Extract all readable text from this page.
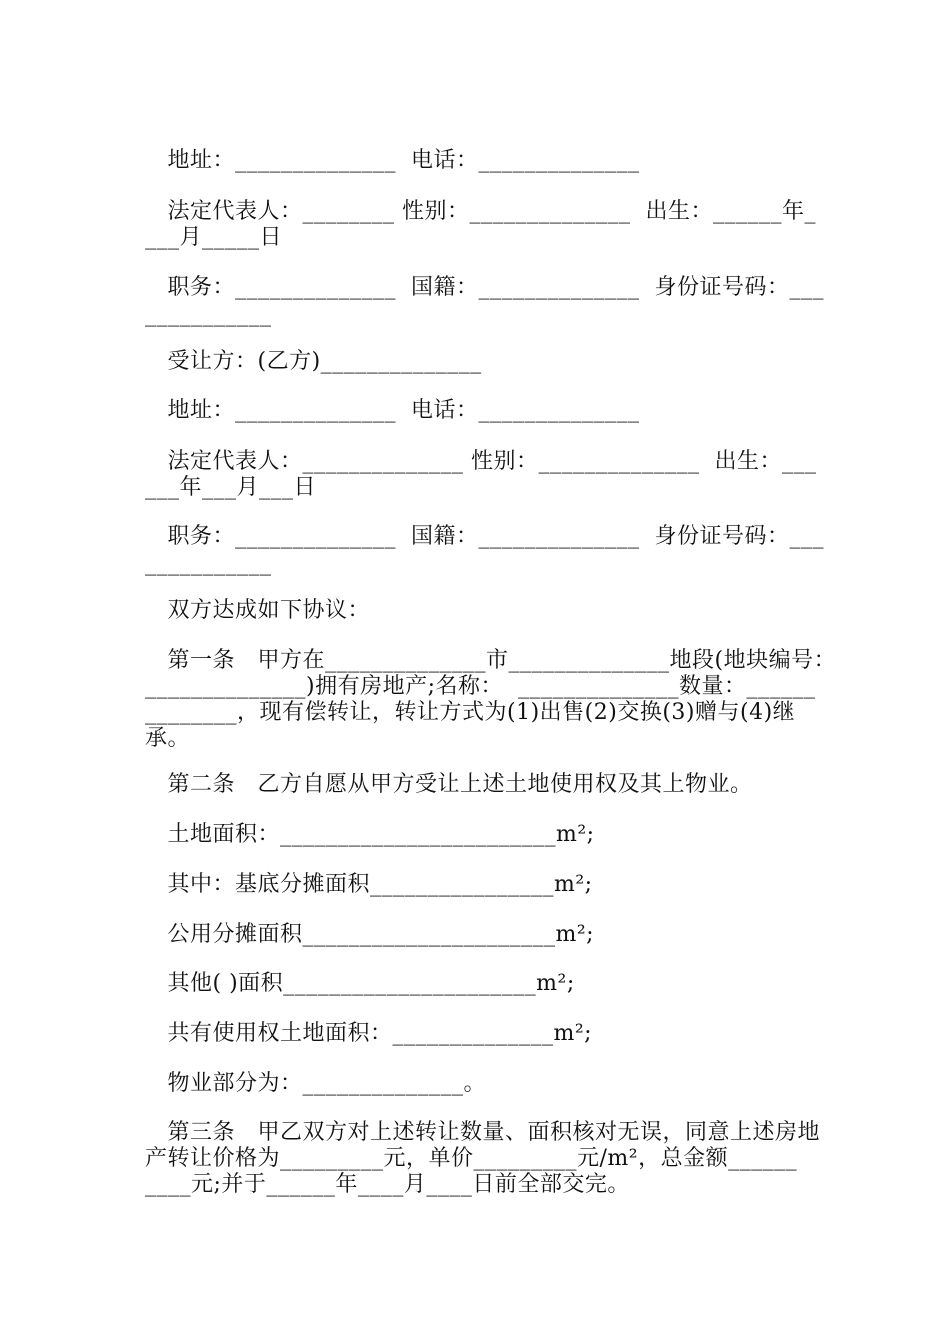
　地址：______________  电话：______________
　法定代表人：________ 性别：______________  出生：______年_
___月_____日
　职务：______________  国籍：______________  身份证号码：___
___________
　受让方：(乙方)______________
　地址：______________  电话：______________
　法定代表人：______________ 性别：______________  出生：___
___年___月___日
　职务：______________  国籍：______________  身份证号码：___
___________
　双方达成如下协议：
　第一条　甲方在______________市______________地段(地块编号：
______________)拥有房地产;名称：  ______________数量：______
________，现有偿转让，转让方式为(1)出售(2)交换(3)赠与(4)继
承。
　第二条　乙方自愿从甲方受让上述土地使用权及其上物业。
　土地面积：________________________m²;
　其中：基底分摊面积________________m²;
　公用分摊面积______________________m²;
　其他( )面积______________________m²;
　共有使用权土地面积：______________m²;
　物业部分为：______________。
　第三条　甲乙双方对上述转让数量、面积核对无误，同意上述房地
产转让价格为_________元，单价_________元/m²，总金额______
____元;并于______年____月____日前全部交完。
